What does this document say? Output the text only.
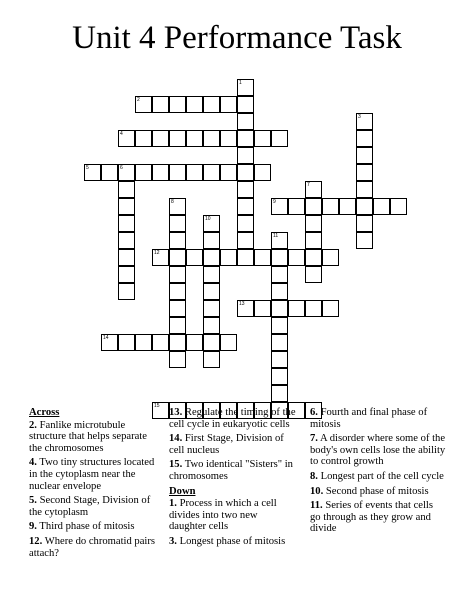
Unit 4 Performance Task
1
2
3
4
5	6
7
8	9
10
11
12
13
14
15
Across
2. Fanlike microtubule structure that helps separate the chromosomes
4. Two tiny structures located in the cytoplasm near the nuclear envelope
5. Second Stage, Division of the cytoplasm
9. Third phase of mitosis
12. Where do chromatid pairs attach?
13. Regulate the timing of the cell cycle in eukaryotic cells
14. First Stage, Division of cell nucleus
15. Two identical "Sisters" in chromosomes
Down
1. Process in which a cell divides into two new daughter cells
3. Longest phase of mitosis
6. Fourth and final phase of mitosis
7. A disorder where some of the body's own cells lose the ability to control growth
8. Longest part of the cell cycle
10. Second phase of mitosis
11. Series of events that cells go through as they grow and divide
